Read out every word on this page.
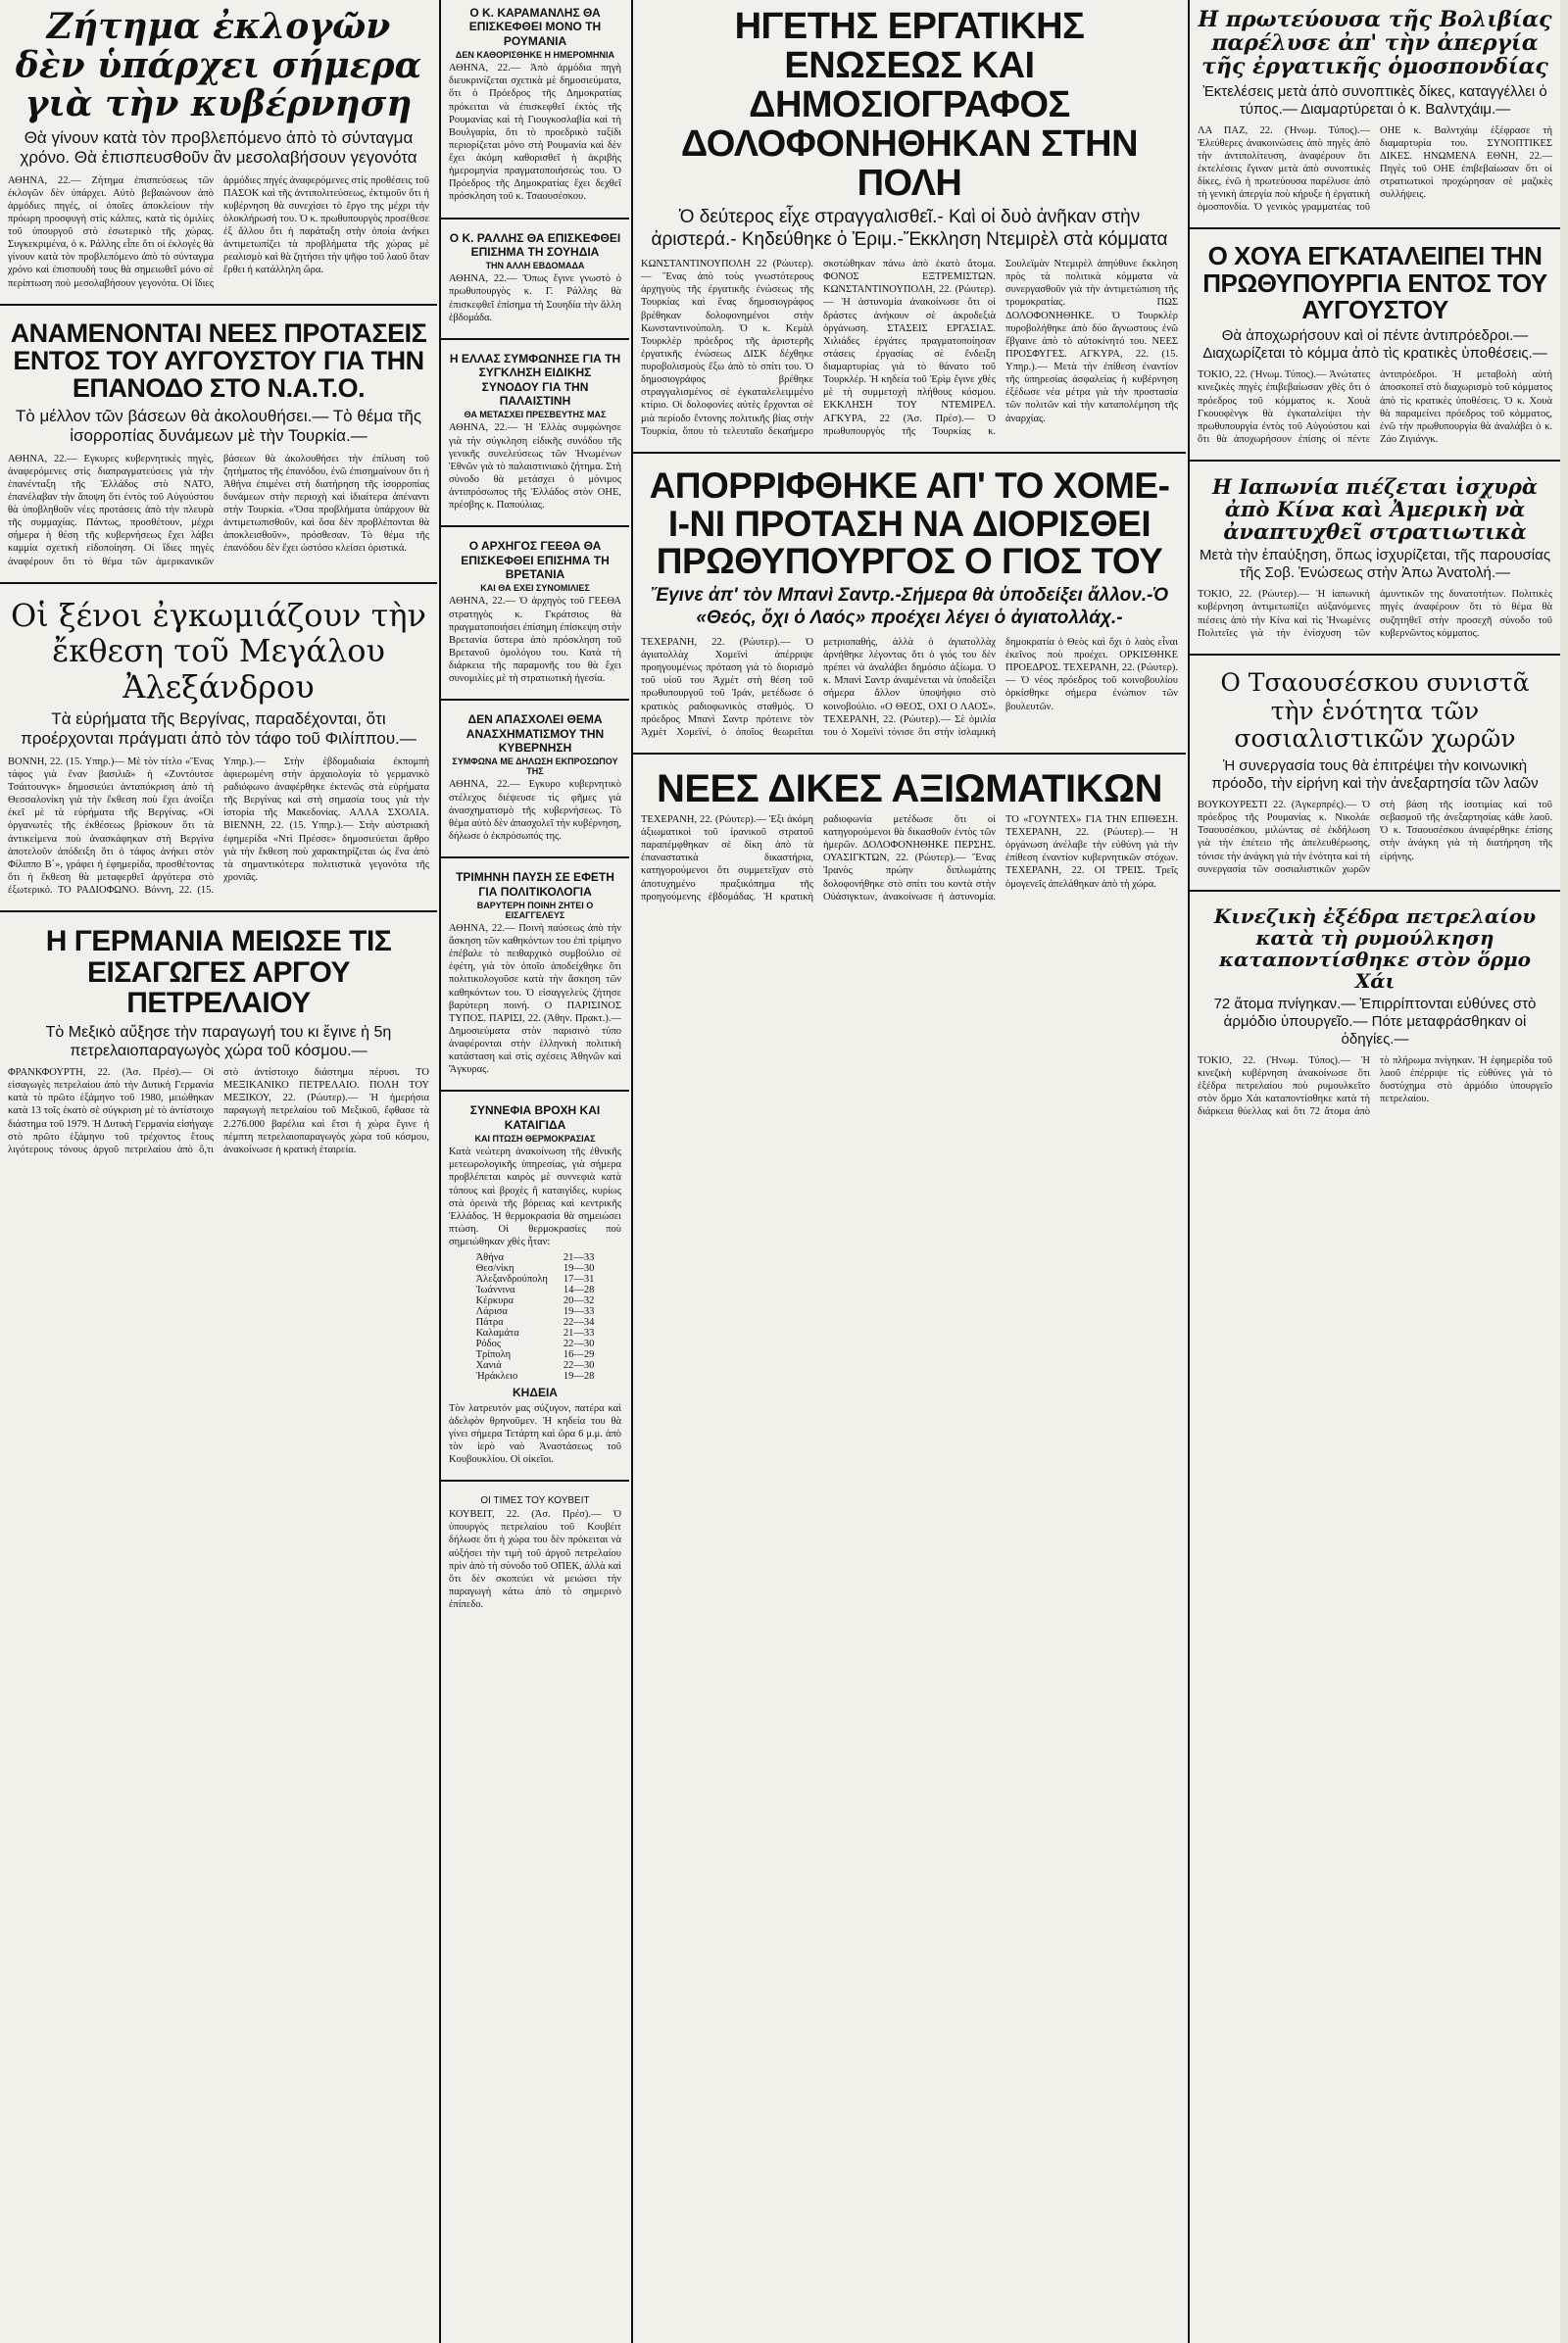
Ζήτημα ἐκλογῶν δὲν ὑπάρχει σήμερα γιὰ τὴν κυβέρνηση
Θὰ γίνουν κατὰ τὸν προβλεπόμενο ἀπὸ τὸ σύνταγμα χρόνο. Θὰ ἐπισπευσθοῦν ἂν μεσολαβήσουν γεγονότα
ΑΘΗΝΑ, 22.— Ζήτημα ἐπισπεύσεως τῶν ἐκλογῶν δὲν ὑπάρχει. Αὐτὸ βεβαιώνουν ἀπὸ ἁρμόδιες πηγές, οἱ ὁποῖες ἀποκλείουν τὴν πρόωρη προσφυγὴ στὶς κάλπες, κατὰ τὶς ὁμιλίες τοῦ ὑπουργοῦ στὸ ἐσωτερικὸ τῆς χώρας. Συγκεκριμένα, ὁ κ. Ράλλης εἶπε ὅτι οἱ ἐκλογὲς θὰ γίνουν κατὰ τὸν προβλεπόμενο ἀπὸ τὸ σύνταγμα χρόνο καὶ ἐπισπουδή τους θὰ σημειωθεῖ μόνο σὲ περίπτωση ποὺ μεσολαβήσουν γεγονότα. Οἱ ἴδιες ἁρμόδιες πηγές ἀναφερόμενες στὶς προθέσεις τοῦ ΠΑΣΟΚ καὶ τῆς ἀντιπολιτεύσεως, ἐκτιμοῦν ὅτι ἡ κυβέρνηση θὰ συνεχίσει τὸ ἔργο της μέχρι τὴν ὁλοκλήρωσή του. Ὁ κ. πρωθυπουργὸς προσέθεσε ἐξ ἄλλου ὅτι ἡ παράταξη στὴν ὁποία ἀνήκει ἀντιμετωπίζει τὰ προβλήματα τῆς χώρας μὲ ρεαλισμὸ καὶ θὰ ζητήσει τὴν ψῆφο τοῦ λαοῦ ὅταν ἔρθει ἡ κατάλληλη ὥρα.
ΑΝΑΜΕΝΟΝΤΑΙ ΝΕΕΣ ΠΡΟΤΑΣΕΙΣ ΕΝΤΟΣ ΤΟΥ ΑΥΓΟΥΣΤΟΥ ΓΙΑ ΤΗΝ ΕΠΑΝΟΔΟ ΣΤΟ Ν.Α.Τ.Ο.
Τὸ μέλλον τῶν βάσεων θὰ ἀκολουθήσει.— Τὸ θέμα τῆς ἰσορροπίας δυνάμεων μὲ τὴν Τουρκία.—
ΑΘΗΝΑ, 22.— Εγκυρες κυβερνητικὲς πηγὲς, ἀναφερόμενες στὶς διαπραγματεύσεις γιὰ τὴν ἐπανένταξη τῆς Ἑλλάδος στὸ ΝΑΤΟ, ἐπανέλαβαν τὴν ἄποψη ὅτι ἐντὸς τοῦ Αὐγούστου θὰ ὑποβληθοῦν νέες προτάσεις ἀπὸ τὴν πλευρὰ τῆς συμμαχίας. Πάντως, προσθέτουν, μέχρι σήμερα ἡ θέση τῆς κυβερνήσεως ἔχει λάβει καμμία σχετικὴ εἰδοποίηση. Οἱ ἴδιες πηγὲς ἀναφέρουν ὅτι τὸ θέμα τῶν ἀμερικανικῶν βάσεων θὰ ἀκολουθήσει τὴν ἐπίλυση τοῦ ζητήματος τῆς ἐπανόδου, ἐνῶ ἐπισημαίνουν ὅτι ἡ Ἀθήνα ἐπιμένει στὴ διατήρηση τῆς ἰσορροπίας δυνάμεων στὴν περιοχὴ καὶ ἰδιαίτερα ἀπέναντι στὴν Τουρκία. «Ὅσα προβλήματα ὑπάρχουν θὰ ἀντιμετωπισθοῦν, καὶ ὅσα δὲν προβλέπονται θὰ ἀποκλεισθοῦν», πρόσθεσαν. Τὸ θέμα τῆς ἐπανόδου δὲν ἔχει ὡστόσο κλείσει ὁριστικά.
Οἱ ξένοι ἐγκωμιάζουν τὴν ἔκθεση τοῦ Μεγάλου Ἀλεξάνδρου
Τὰ εὑρήματα τῆς Βεργίνας, παραδέχονται, ὅτι προέρχονται πράγματι ἀπὸ τὸν τάφο τοῦ Φιλίππου.—
ΒΟΝΝΗ, 22. (15. Υπηρ.)— Μὲ τὸν τίτλο «Ἕνας τάφος γιὰ ἕναν βασιλιᾶ» ἡ «Ζυντόυτσε Τσάιτουνγκ» δημοσιεύει ἀνταπόκριση ἀπὸ τὴ Θεσσαλονίκη γιὰ τὴν ἔκθεση ποὺ ἔχει ἀνοίξει ἐκεῖ μὲ τὰ εὑρήματα τῆς Βεργίνας. «Οἱ ὀργανωτὲς τῆς ἐκθέσεως βρίσκουν ὅτι τὰ ἀντικείμενα ποὺ ἀνασκάφηκαν στὴ Βεργίνα ἀποτελοῦν ἀπόδειξη ὅτι ὁ τάφος ἀνήκει στὸν Φίλιππο Β΄», γράφει ἡ ἐφημερίδα, προσθέτοντας ὅτι ἡ ἔκθεση θὰ μεταφερθεῖ ἀργότερα στὸ ἐξωτερικό. ΤΟ ΡΑΔΙΟΦΩΝΟ. Βόννη, 22. (15. Υπηρ.).— Στὴν ἑβδομαδιαία ἐκπομπὴ ἀφιερωμένη στὴν ἀρχαιολογία τὸ γερμανικὸ ραδιόφωνο ἀναφέρθηκε ἐκτενῶς στὰ εὑρήματα τῆς Βεργίνας καὶ στὴ σημασία τους γιὰ τὴν ἱστορία τῆς Μακεδονίας. ΑΛΛΑ ΣΧΟΛΙΑ. ΒΙΕΝΝΗ, 22. (15. Υπηρ.).— Στὴν αὐστριακὴ ἐφημερίδα «Ντὶ Πρέσσε» δημοσιεύεται ἄρθρο γιὰ τὴν ἔκθεση ποὺ χαρακτηρίζεται ὡς ἕνα ἀπὸ τὰ σημαντικότερα πολιτιστικὰ γεγονότα τῆς χρονιᾶς.
Η ΓΕΡΜΑΝΙΑ ΜΕΙΩΣΕ ΤΙΣ ΕΙΣΑΓΩΓΕΣ ΑΡΓΟΥ ΠΕΤΡΕΛΑΙΟΥ
Τὸ Μεξικὸ αὔξησε τὴν παραγωγή του κι ἔγινε ἡ 5η πετρελαιοπαραγωγὸς χώρα τοῦ κόσμου.—
ΦΡΑΝΚΦΟΥΡΤΗ, 22. (Ἀσ. Πρέσ).— Οἱ εἰσαγωγὲς πετρελαίου ἀπὸ τὴν Δυτικὴ Γερμανία κατὰ τὸ πρῶτο ἑξάμηνο τοῦ 1980, μειώθηκαν κατὰ 13 τοῖς ἑκατὸ σὲ σύγκριση μὲ τὸ ἀντίστοιχο διάστημα τοῦ 1979. Ἡ Δυτικὴ Γερμανία εἰσήγαγε στὸ πρῶτο ἑξάμηνο τοῦ τρέχοντος ἔτους λιγότερους τόνους ἀργοῦ πετρελαίου ἀπὸ ὅ,τι στὸ ἀντίστοιχο διάστημα πέρυσι. ΤΟ ΜΕΞΙΚΑΝΙΚΟ ΠΕΤΡΕΛΑΙΟ. ΠΟΛΗ ΤΟΥ ΜΕΞΙΚΟΥ, 22. (Ρώυτερ).— Ἡ ἡμερήσια παραγωγὴ πετρελαίου τοῦ Μεξικοῦ, ἔφθασε τὰ 2.276.000 βαρέλια καὶ ἔτσι ἡ χώρα ἔγινε ἡ πέμπτη πετρελαιοπαραγωγὸς χώρα τοῦ κόσμου, ἀνακοίνωσε ἡ κρατικὴ ἑταιρεία.
Ο Κ. ΚΑΡΑΜΑΝΛΗΣ ΘΑ ΕΠΙΣΚΕΦΘΕΙ ΜΟΝΟ ΤΗ ΡΟΥΜΑΝΙΑ
ΔΕΝ ΚΑΘΟΡΙΣΘΗΚΕ Η ΗΜΕΡΟΜΗΝΙΑ
ΑΘΗΝΑ, 22.— Ἀπὸ ἁρμόδια πηγὴ διευκρινίζεται σχετικὰ μὲ δημοσιεύματα, ὅτι ὁ Πρόεδρος τῆς Δημοκρατίας πρόκειται νὰ ἐπισκεφθεῖ ἐκτὸς τῆς Ρουμανίας καὶ τὴ Γιουγκοσλαβία καὶ τὴ Βουλγαρία, ὅτι τὸ προεδρικὸ ταξίδι περιορίζεται μόνο στὴ Ρουμανία καὶ δὲν ἔχει ἀκόμη καθορισθεῖ ἡ ἀκριβὴς ἡμερομηνία πραγματοποιήσεώς του. Ὁ Πρόεδρος τῆς Δημοκρατίας ἔχει δεχθεῖ πρόσκληση τοῦ κ. Τσαουσέσκου.
Ο Κ. ΡΑΛΛΗΣ ΘΑ ΕΠΙΣΚΕΦΘΕΙ ΕΠΙΣΗΜΑ ΤΗ ΣΟΥΗΔΙΑ
ΤΗΝ ΑΛΛΗ ΕΒΔΟΜΑΔΑ
ΑΘΗΝΑ, 22.— Ὅπως ἔγινε γνωστὸ ὁ πρωθυπουργὸς κ. Γ. Ράλλης θὰ ἐπισκεφθεῖ ἐπίσημα τὴ Σουηδία τὴν ἄλλη ἑβδομάδα.
Η ΕΛΛΑΣ ΣΥΜΦΩΝΗΣΕ ΓΙΑ ΤΗ ΣΥΓΚΛΗΣΗ ΕΙΔΙΚΗΣ ΣΥΝΟΔΟΥ ΓΙΑ ΤΗΝ ΠΑΛΑΙΣΤΙΝΗ
ΘΑ ΜΕΤΑΣΧΕΙ ΠΡΕΣΒΕΥΤΗΣ ΜΑΣ
ΑΘΗΝΑ, 22.— Ἡ Ἑλλὰς συμφώνησε γιὰ τὴν σύγκληση εἰδικῆς συνόδου τῆς γενικῆς συνελεύσεως τῶν Ἡνωμένων Ἐθνῶν γιὰ τὸ παλαιστινιακὸ ζήτημα. Στὴ σύνοδο θὰ μετάσχει ὁ μόνιμος ἀντιπρόσωπος τῆς Ἑλλάδος στὸν ΟΗΕ, πρέσβης κ. Παπούλιας.
Ο ΑΡΧΗΓΟΣ ΓΕΕΘΑ ΘΑ ΕΠΙΣΚΕΦΘΕΙ ΕΠΙΣΗΜΑ ΤΗ ΒΡΕΤΑΝΙΑ
ΚΑΙ ΘΑ ΕΧΕΙ ΣΥΝΟΜΙΛΙΕΣ
ΑΘΗΝΑ, 22.— Ὁ ἀρχηγὸς τοῦ ΓΕΕΘΑ στρατηγὸς κ. Γκράτσιος θὰ πραγματοποιήσει ἐπίσημη ἐπίσκεψη στὴν Βρετανία ὕστερα ἀπὸ πρόσκληση τοῦ Βρετανοῦ ὁμολόγου του. Κατὰ τὴ διάρκεια τῆς παραμονῆς του θὰ ἔχει συνομιλίες μὲ τὴ στρατιωτικὴ ἡγεσία.
ΔΕΝ ΑΠΑΣΧΟΛΕΙ ΘΕΜΑ ΑΝΑΣΧΗΜΑΤΙΣΜΟΥ ΤΗΝ ΚΥΒΕΡΝΗΣΗ
ΣΥΜΦΩΝΑ ΜΕ ΔΗΛΩΣΗ ΕΚΠΡΟΣΩΠΟΥ ΤΗΣ
ΑΘΗΝΑ, 22.— Εγκυρο κυβερνητικὸ στέλεχος διέψευσε τὶς φῆμες γιὰ ἀνασχηματισμὸ τῆς κυβερνήσεως. Τὸ θέμα αὐτὸ δὲν ἀπασχολεῖ τὴν κυβέρνηση, δήλωσε ὁ ἐκπρόσωπός της.
ΤΡΙΜΗΝΗ ΠΑΥΣΗ ΣΕ ΕΦΕΤΗ ΓΙΑ ΠΟΛΙΤΙΚΟΛΟΓΙΑ
ΒΑΡΥΤΕΡΗ ΠΟΙΝΗ ΖΗΤΕΙ Ο ΕΙΣΑΓΓΕΛΕΥΣ
ΑΘΗΝΑ, 22.— Ποινὴ παύσεως ἀπὸ τὴν ἄσκηση τῶν καθηκόντων του ἐπὶ τρίμηνο ἐπέβαλε τὸ πειθαρχικὸ συμβούλιο σὲ ἐφέτη, γιὰ τὸν ὁποῖο ἀποδείχθηκε ὅτι πολιτικολογοῦσε κατὰ τὴν ἄσκηση τῶν καθηκόντων του. Ὁ εἰσαγγελεὺς ζήτησε βαρύτερη ποινή. Ο ΠΑΡΙΣΙΝΟΣ ΤΥΠΟΣ. ΠΑΡΙΣΙ, 22. (Ἀθην. Πρακτ.).— Δημοσιεύματα στὸν παρισινὸ τύπο ἀναφέρονται στὴν ἑλληνικὴ πολιτικὴ κατάσταση καὶ στὶς σχέσεις Ἀθηνῶν καὶ Ἄγκυρας.
ΣΥΝΝΕΦΙΑ ΒΡΟΧΗ ΚΑΙ ΚΑΤΑΙΓΙΔΑ
ΚΑΙ ΠΤΩΣΗ ΘΕΡΜΟΚΡΑΣΙΑΣ
Κατὰ νεώτερη ἀνακοίνωση τῆς ἐθνικῆς μετεωρολογικῆς ὑπηρεσίας, γιὰ σήμερα προβλέπεται καιρὸς μὲ συννεφιὰ κατὰ τόπους καὶ βροχὲς ἢ καταιγίδες, κυρίως στὰ ὀρεινὰ τῆς βόρειας καὶ κεντρικῆς Ἑλλάδος. Ἡ θερμοκρασία θὰ σημειώσει πτώση. Οἱ θερμοκρασίες ποὺ σημειώθηκαν χθὲς ἦταν:
Ἀθήνα	21—33
Θεσ/νίκη	19—30
Ἀλεξανδρούπολη	17—31
Ἰωάννινα	14—28
Κέρκυρα	20—32
Λάρισα	19—33
Πάτρα	22—34
Καλαμάτα	21—33
Ρόδος	22—30
Τρίπολη	16—29
Χανιά	22—30
Ἡράκλειο	19—28
ΚΗΔΕΙΑ
Τὸν λατρευτόν μας σύζυγον, πατέρα καὶ ἀδελφὸν θρηνοῦμεν. Ἡ κηδεία του θὰ γίνει σήμερα Τετάρτη καὶ ὥρα 6 μ.μ. ἀπὸ τὸν ἱερὸ ναὸ Ἀναστάσεως τοῦ Κουβουκλίου. Οἱ οἰκεῖοι.
ΟΙ ΤΙΜΕΣ ΤΟΥ ΚΟΥΒΕΙΤ
ΚΟΥΒΕΙΤ, 22. (Ἀσ. Πρέσ).— Ὁ ὑπουργὸς πετρελαίου τοῦ Κουβέιτ δήλωσε ὅτι ἡ χώρα του δὲν πρόκειται νὰ αὐξήσει τὴν τιμὴ τοῦ ἀργοῦ πετρελαίου πρὶν ἀπὸ τὴ σύνοδο τοῦ ΟΠΕΚ, ἀλλὰ καὶ ὅτι δὲν σκοπεύει νὰ μειώσει τὴν παραγωγὴ κάτω ἀπὸ τὸ σημερινὸ ἐπίπεδο.
ΗΓΕΤΗΣ ΕΡΓΑΤΙΚΗΣ ΕΝΩΣΕΩΣ ΚΑΙ ΔΗΜΟΣΙΟΓΡΑΦΟΣ ΔΟΛΟΦΟΝΗΘΗΚΑΝ ΣΤΗΝ ΠΟΛΗ
Ὁ δεύτερος εἶχε στραγγαλισθεῖ.- Καὶ οἱ δυὸ ἀνῆκαν στὴν ἀριστερά.- Κηδεύθηκε ὁ Ἐριμ.-Ἔκκληση Ντεμιρὲλ στὰ κόμματα
ΚΩΝΣΤΑΝΤΙΝΟΥΠΟΛΗ 22 (Ρώυτερ).— Ἕνας ἀπὸ τοὺς γνωστότερους ἀρχηγοὺς τῆς ἐργατικῆς ἐνώσεως τῆς Τουρκίας καὶ ἕνας δημοσιογράφος βρέθηκαν δολοφονημένοι στὴν Κωνσταντινούπολη. Ὁ κ. Κεμὰλ Τουρκλὲρ πρόεδρος τῆς ἀριστερῆς ἐργατικῆς ἐνώσεως ΔΙΣΚ δέχθηκε πυροβολισμοὺς ἔξω ἀπὸ τὸ σπίτι του. Ὁ δημοσιογράφος βρέθηκε στραγγαλισμένος σὲ ἐγκαταλελειμμένο κτίριο. Οἱ δολοφονίες αὐτὲς ἔρχονται σὲ μιὰ περίοδο ἔντονης πολιτικῆς βίας στὴν Τουρκία, ὅπου τὸ τελευταῖο δεκαήμερο σκοτώθηκαν πάνω ἀπὸ ἑκατὸ ἄτομα. ΦΟΝΟΣ ΕΞΤΡΕΜΙΣΤΩΝ. ΚΩΝΣΤΑΝΤΙΝΟΥΠΟΛΗ, 22. (Ρώυτερ).— Ἡ ἀστυνομία ἀνακοίνωσε ὅτι οἱ δράστες ἀνήκουν σὲ ἀκροδεξιὰ ὀργάνωση. ΣΤΑΣΕΙΣ ΕΡΓΑΣΙΑΣ. Χιλιάδες ἐργάτες πραγματοποίησαν στάσεις ἐργασίας σὲ ἔνδειξη διαμαρτυρίας γιὰ τὸ θάνατο τοῦ Τουρκλέρ. Ἡ κηδεία τοῦ Ἐρὶμ ἔγινε χθὲς μὲ τὴ συμμετοχὴ πλήθους κόσμου. ΕΚΚΛΗΣΗ ΤΟΥ ΝΤΕΜΙΡΕΛ. ΑΓΚΥΡΑ, 22 (Ἀσ. Πρέσ).— Ὁ πρωθυπουργὸς τῆς Τουρκίας κ. Σουλεϊμὰν Ντεμιρὲλ ἀπηύθυνε ἔκκληση πρὸς τὰ πολιτικὰ κόμματα νὰ συνεργασθοῦν γιὰ τὴν ἀντιμετώπιση τῆς τρομοκρατίας. ΠΩΣ ΔΟΛΟΦΟΝΗΘΗΚΕ. Ὁ Τουρκλὲρ πυροβολήθηκε ἀπὸ δύο ἄγνωστους ἐνῶ ἔβγαινε ἀπὸ τὸ αὐτοκίνητό του. ΝΕΕΣ ΠΡΟΣΦΥΓΕΣ. ΑΓΚΥΡΑ, 22. (15. Υπηρ.).— Μετὰ τὴν ἐπίθεση ἐναντίον τῆς ὑπηρεσίας ἀσφαλείας ἡ κυβέρνηση ἐξέδωσε νέα μέτρα γιὰ τὴν προστασία τῶν πολιτῶν καὶ τὴν καταπολέμηση τῆς ἀναρχίας.
ΑΠΟΡΡΙΦΘΗΚΕ ΑΠ' ΤΟ ΧΟΜΕ-Ι-ΝΙ ΠΡΟΤΑΣΗ ΝΑ ΔΙΟΡΙΣΘΕΙ ΠΡΩΘΥΠΟΥΡΓΟΣ Ο ΓΙΟΣ ΤΟΥ
Ἔγινε ἀπ' τὸν Μπανὶ Σαντρ.-Σήμερα θὰ ὑποδείξει ἄλλον.-Ὁ «Θεός, ὄχι ὁ Λαός» προέχει λέγει ὁ ἀγιατολλάχ.-
ΤΕΧΕΡΑΝΗ, 22. (Ρώυτερ).— Ὁ ἀγιατολλὰχ Χομεϊνὶ ἀπέρριψε προηγουμένως πρόταση γιὰ τὸ διορισμὸ τοῦ υἱοῦ του Ἀχμὲτ στὴ θέση τοῦ πρωθυπουργοῦ τοῦ Ἰράν, μετέδωσε ὁ κρατικὸς ραδιοφωνικὸς σταθμός. Ὁ πρόεδρος Μπανὶ Σαντρ πρότεινε τὸν Ἀχμὲτ Χομεϊνί, ὁ ὁποῖος θεωρεῖται μετριοπαθής, ἀλλὰ ὁ ἀγιατολλὰχ ἀρνήθηκε λέγοντας ὅτι ὁ γιός του δὲν πρέπει νὰ ἀναλάβει δημόσιο ἀξίωμα. Ὁ κ. Μπανὶ Σαντρ ἀναμένεται νὰ ὑποδείξει σήμερα ἄλλον ὑποψήφιο στὸ κοινοβούλιο. «Ο ΘΕΟΣ, ΟΧΙ Ο ΛΑΟΣ». ΤΕΧΕΡΑΝΗ, 22. (Ρώυτερ).— Σὲ ὁμιλία του ὁ Χομεϊνὶ τόνισε ὅτι στὴν ἰσλαμικὴ δημοκρατία ὁ Θεὸς καὶ ὄχι ὁ λαὸς εἶναι ἐκεῖνος ποὺ προέχει. ΟΡΚΙΣΘΗΚΕ ΠΡΟΕΔΡΟΣ. ΤΕΧΕΡΑΝΗ, 22. (Ρώυτερ).— Ὁ νέος πρόεδρος τοῦ κοινοβουλίου ὁρκίσθηκε σήμερα ἐνώπιον τῶν βουλευτῶν.
ΝΕΕΣ ΔΙΚΕΣ ΑΞΙΩΜΑΤΙΚΩΝ
ΤΕΧΕΡΑΝΗ, 22. (Ρώυτερ).— Ἐξι ἀκόμη ἀξιωματικοὶ τοῦ ἰρανικοῦ στρατοῦ παραπέμφθηκαν σὲ δίκη ἀπὸ τὰ ἐπαναστατικὰ δικαστήρια, κατηγορούμενοι ὅτι συμμετεῖχαν στὸ ἀποτυχημένο πραξικόπημα τῆς προηγούμενης ἑβδομάδας. Ἡ κρατικὴ ραδιοφωνία μετέδωσε ὅτι οἱ κατηγορούμενοι θὰ δικασθοῦν ἐντὸς τῶν ἡμερῶν. ΔΟΛΟΦΟΝΗΘΗΚΕ ΠΕΡΣΗΣ. ΟΥΑΣΙΓΚΤΩΝ, 22. (Ρώυτερ).— Ἕνας Ἰρανὸς πρώην διπλωμάτης δολοφονήθηκε στὸ σπίτι του κοντὰ στὴν Οὐάσιγκτων, ἀνακοίνωσε ἡ ἀστυνομία. ΤΟ «ΓΟΥΝΤΕΧ» ΓΙΑ ΤΗΝ ΕΠΙΘΕΣΗ. ΤΕΧΕΡΑΝΗ, 22. (Ρώυτερ).— Ἡ ὀργάνωση ἀνέλαβε τὴν εὐθύνη γιὰ τὴν ἐπίθεση ἐναντίον κυβερνητικῶν στόχων. ΤΕΧΕΡΑΝΗ, 22. ΟΙ ΤΡΕΙΣ. Τρεῖς ὁμογενεῖς ἀπελάθηκαν ἀπὸ τὴ χώρα.
Η πρωτεύουσα τῆς Βολιβίας παρέλυσε ἀπ' τὴν ἀπεργία τῆς ἐργατικῆς ὁμοσπονδίας
Ἐκτελέσεις μετὰ ἀπὸ συνοπτικὲς δίκες, καταγγέλλει ὁ τύπος.— Διαμαρτύρεται ὁ κ. Βαλντχάιμ.—
ΛΑ ΠΑΖ, 22. (Ἡνωμ. Τύπος).— Ἐλεύθερες ἀνακοινώσεις ἀπὸ πηγὲς ἀπὸ τὴν ἀντιπολίτευση, ἀναφέρουν ὅτι ἐκτελέσεις ἔγιναν μετὰ ἀπὸ συνοπτικὲς δίκες, ἐνῶ ἡ πρωτεύουσα παρέλυσε ἀπὸ τὴ γενικὴ ἀπεργία ποὺ κήρυξε ἡ ἐργατικὴ ὁμοσπονδία. Ὁ γενικὸς γραμματέας τοῦ ΟΗΕ κ. Βαλντχάιμ ἐξέφρασε τὴ διαμαρτυρία του. ΣΥΝΟΠΤΙΚΕΣ ΔΙΚΕΣ. ΗΝΩΜΕΝΑ ΕΘΝΗ, 22.— Πηγὲς τοῦ ΟΗΕ ἐπιβεβαίωσαν ὅτι οἱ στρατιωτικοὶ προχώρησαν σὲ μαζικὲς συλλήψεις.
Ο ΧΟΥΑ ΕΓΚΑΤΑΛΕΙΠΕΙ ΤΗΝ ΠΡΩΘΥΠΟΥΡΓΙΑ ΕΝΤΟΣ ΤΟΥ ΑΥΓΟΥΣΤΟΥ
Θὰ ἀποχωρήσουν καὶ οἱ πέντε ἀντιπρόεδροι.— Διαχωρίζεται τὸ κόμμα ἀπὸ τὶς κρατικὲς ὑποθέσεις.—
ΤΟΚΙΟ, 22. (Ἡνωμ. Τύπος).— Ἀνώτατες κινεζικὲς πηγὲς ἐπιβεβαίωσαν χθὲς ὅτι ὁ πρόεδρος τοῦ κόμματος κ. Χουὰ Γκουοφὲνγκ θὰ ἐγκαταλείψει τὴν πρωθυπουργία ἐντὸς τοῦ Αὐγούστου καὶ ὅτι θὰ ἀποχωρήσουν ἐπίσης οἱ πέντε ἀντιπρόεδροι. Ἡ μεταβολὴ αὐτὴ ἀποσκοπεῖ στὸ διαχωρισμὸ τοῦ κόμματος ἀπὸ τὶς κρατικὲς ὑποθέσεις. Ὁ κ. Χουὰ θὰ παραμείνει πρόεδρος τοῦ κόμματος, ἐνῶ τὴν πρωθυπουργία θὰ ἀναλάβει ὁ κ. Ζάο Ζιγιάνγκ.
Η Ιαπωνία πιέζεται ἰσχυρὰ ἀπὸ Κίνα καὶ Ἀμερικὴ νὰ ἀναπτυχθεῖ στρατιωτικὰ
Μετὰ τὴν ἐπαύξηση, ὅπως ἰσχυρίζεται, τῆς παρουσίας τῆς Σοβ. Ἑνώσεως στὴν Ἀπω Ἀνατολή.—
ΤΟΚΙΟ, 22. (Ρώυτερ).— Ἡ ἰαπωνικὴ κυβέρνηση ἀντιμετωπίζει αὐξανόμενες πιέσεις ἀπὸ τὴν Κίνα καὶ τὶς Ἡνωμένες Πολιτεῖες γιὰ τὴν ἐνίσχυση τῶν ἀμυντικῶν της δυνατοτήτων. Πολιτικὲς πηγὲς ἀναφέρουν ὅτι τὸ θέμα θὰ συζητηθεῖ στὴν προσεχῆ σύνοδο τοῦ κυβερνῶντος κόμματος.
Ο Τσαουσέσκου συνιστᾶ τὴν ἑνότητα τῶν σοσιαλιστικῶν χωρῶν
Ἡ συνεργασία τους θὰ ἐπιτρέψει τὴν κοινωνικὴ πρόοδο, τὴν εἰρήνη καὶ τὴν ἀνεξαρτησία τῶν λαῶν
ΒΟΥΚΟΥΡΕΣΤΙ 22. (Ἀγκερπρές).— Ὁ πρόεδρος τῆς Ρουμανίας κ. Νικολάε Τσαουσέσκου, μιλώντας σὲ ἐκδήλωση γιὰ τὴν ἐπέτειο τῆς ἀπελευθέρωσης, τόνισε τὴν ἀνάγκη γιὰ τὴν ἑνότητα καὶ τὴ συνεργασία τῶν σοσιαλιστικῶν χωρῶν στὴ βάση τῆς ἰσοτιμίας καὶ τοῦ σεβασμοῦ τῆς ἀνεξαρτησίας κάθε λαοῦ. Ὁ κ. Τσαουσέσκου ἀναφέρθηκε ἐπίσης στὴν ἀνάγκη γιὰ τὴ διατήρηση τῆς εἰρήνης.
Κινεζικὴ ἐξέδρα πετρελαίου κατὰ τὴ ρυμούλκηση καταποντίσθηκε στὸν ὅρμο Χάι
72 ἄτομα πνίγηκαν.— Ἐπιρρίπτονται εὐθύνες στὸ ἁρμόδιο ὑπουργεῖο.— Πότε μεταφράσθηκαν οἱ ὁδηγίες.—
ΤΟΚΙΟ, 22. (Ἡνωμ. Τύπος).— Ἡ κινεζικὴ κυβέρνηση ἀνακοίνωσε ὅτι ἐξέδρα πετρελαίου ποὺ ρυμουλκεῖτο στὸν ὅρμο Χάι καταποντίσθηκε κατὰ τὴ διάρκεια θύελλας καὶ ὅτι 72 ἄτομα ἀπὸ τὸ πλήρωμα πνίγηκαν. Ἡ ἐφημερίδα τοῦ λαοῦ ἐπέρριψε τὶς εὐθύνες γιὰ τὸ δυστύχημα στὸ ἁρμόδιο ὑπουργεῖο πετρελαίου.
